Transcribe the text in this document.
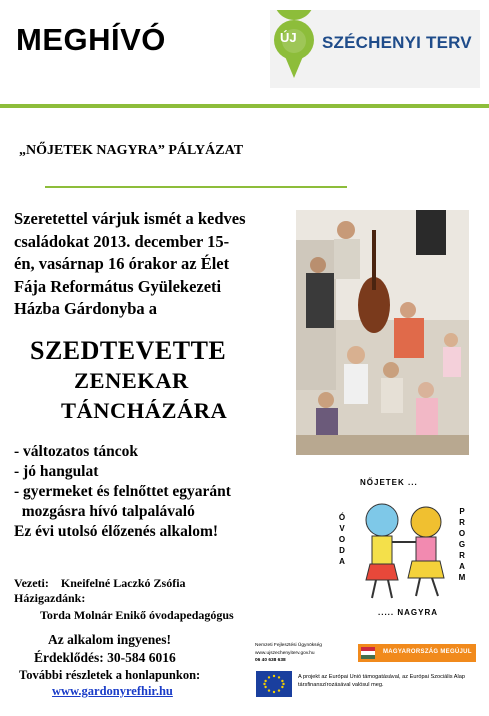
MEGHÍVÓ	ÚJ SZÉCHENYI TERV
„NŐJETEK NAGYRA” PÁLYÁZAT
Szeretettel várjuk ismét a kedves
családokat 2013. december 15-
én, vasárnap 16 órakor az Élet
Fája Református Gyülekezeti
Házba Gárdonyba a
SZEDTEVETTE
ZENEKAR
TÁNCHÁZÁRA
- változatos táncok
- jó hangulat
- gyermeket és felnőttet egyaránt
mozgásra hívó talpalávaló
Ez évi utolsó élőzenés alkalom!
Vezeti:    Kneifelné Laczkó Zsófia
Házigazdánk:
Torda Molnár Enikő óvodapedagógus
Az alkalom ingyenes!
Érdeklődés: 30-584 6016
További részletek a honlapunkon:
www.gardonyrefhir.hu
NŐJETEK ...
..... NAGYRA
Ó
V
O
D
A
P
R
O
G
R
A
M
Nemzeti Fejlesztési Ügynökség
www.ujszechenyiterv.gov.hu
06 40 638 638
MAGYARORSZÁG MEGÚJUL
A projekt az Európai Unió támogatásával, az Európai Szociális Alap társfinanszírozásával valósul meg.
